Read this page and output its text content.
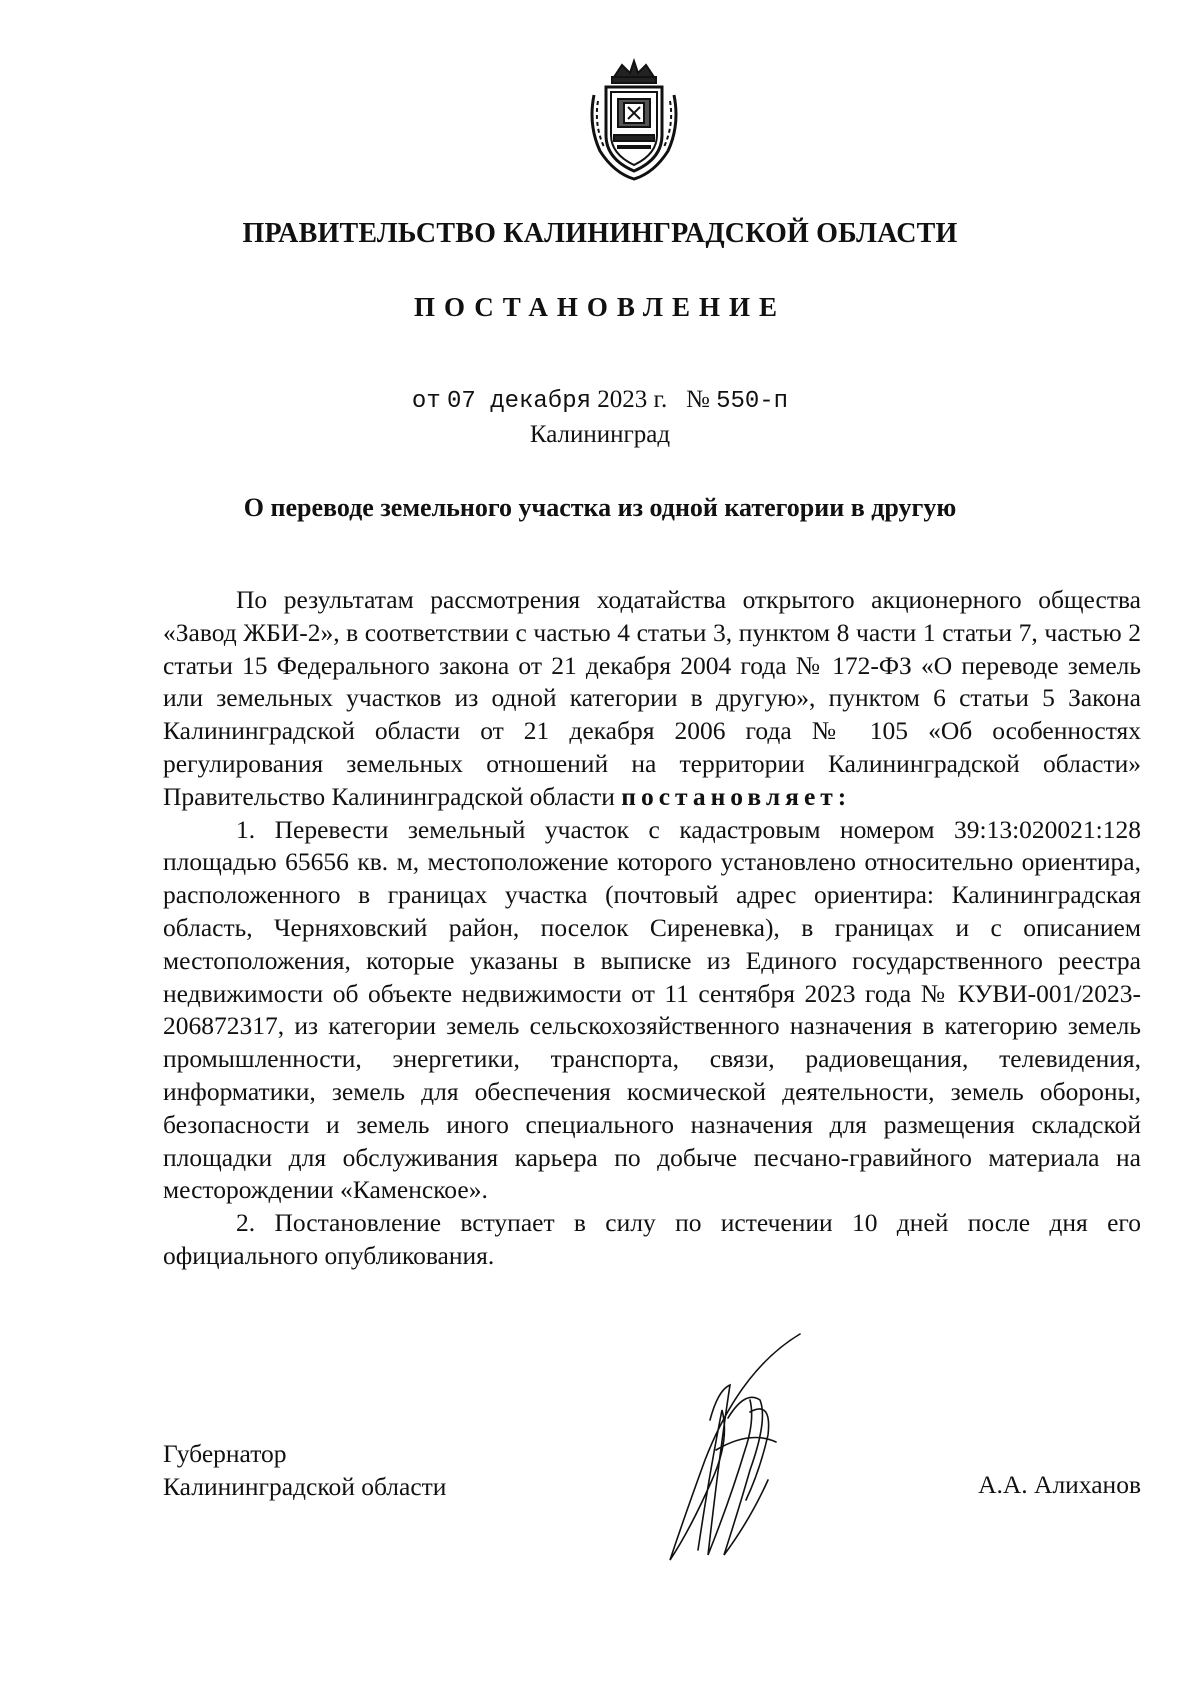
ПРАВИТЕЛЬСТВО КАЛИНИНГРАДСКОЙ ОБЛАСТИ
ПОСТАНОВЛЕНИЕ
от 07 декабря 2023 г. № 550-п
Калининград
О переводе земельного участка из одной категории в другую

По результатам рассмотрения ходатайства открытого акционерного общества «Завод ЖБИ-2», в соответствии с частью 4 статьи 3, пунктом 8 части 1 статьи 7, частью 2 статьи 15 Федерального закона от 21 декабря 2004 года № 172-ФЗ «О переводе земель или земельных участков из одной категории в другую», пунктом 6 статьи 5 Закона Калининградской области от 21 декабря 2006 года № 105 «Об особенностях регулирования земельных отношений на территории Калининградской области» Правительство Калининградской области постановляет:

1. Перевести земельный участок с кадастровым номером 39:13:020021:128 площадью 65656 кв. м, местоположение которого установлено относительно ориентира, расположенного в границах участка (почтовый адрес ориентира: Калининградская область, Черняховский район, поселок Сиреневка), в границах и с описанием местоположения, которые указаны в выписке из Единого государственного реестра недвижимости об объекте недвижимости от 11 сентября 2023 года № КУВИ-001/2023-206872317, из категории земель сельскохозяйственного назначения в категорию земель промышленности, энергетики, транспорта, связи, радиовещания, телевидения, информатики, земель для обеспечения космической деятельности, земель обороны, безопасности и земель иного специального назначения для размещения складской площадки для обслуживания карьера по добыче песчано-гравийного материала на месторождении «Каменское».

2. Постановление вступает в силу по истечении 10 дней после дня его официального опубликования.

Губернатор
Калининградской области	А.А. Алиханов
